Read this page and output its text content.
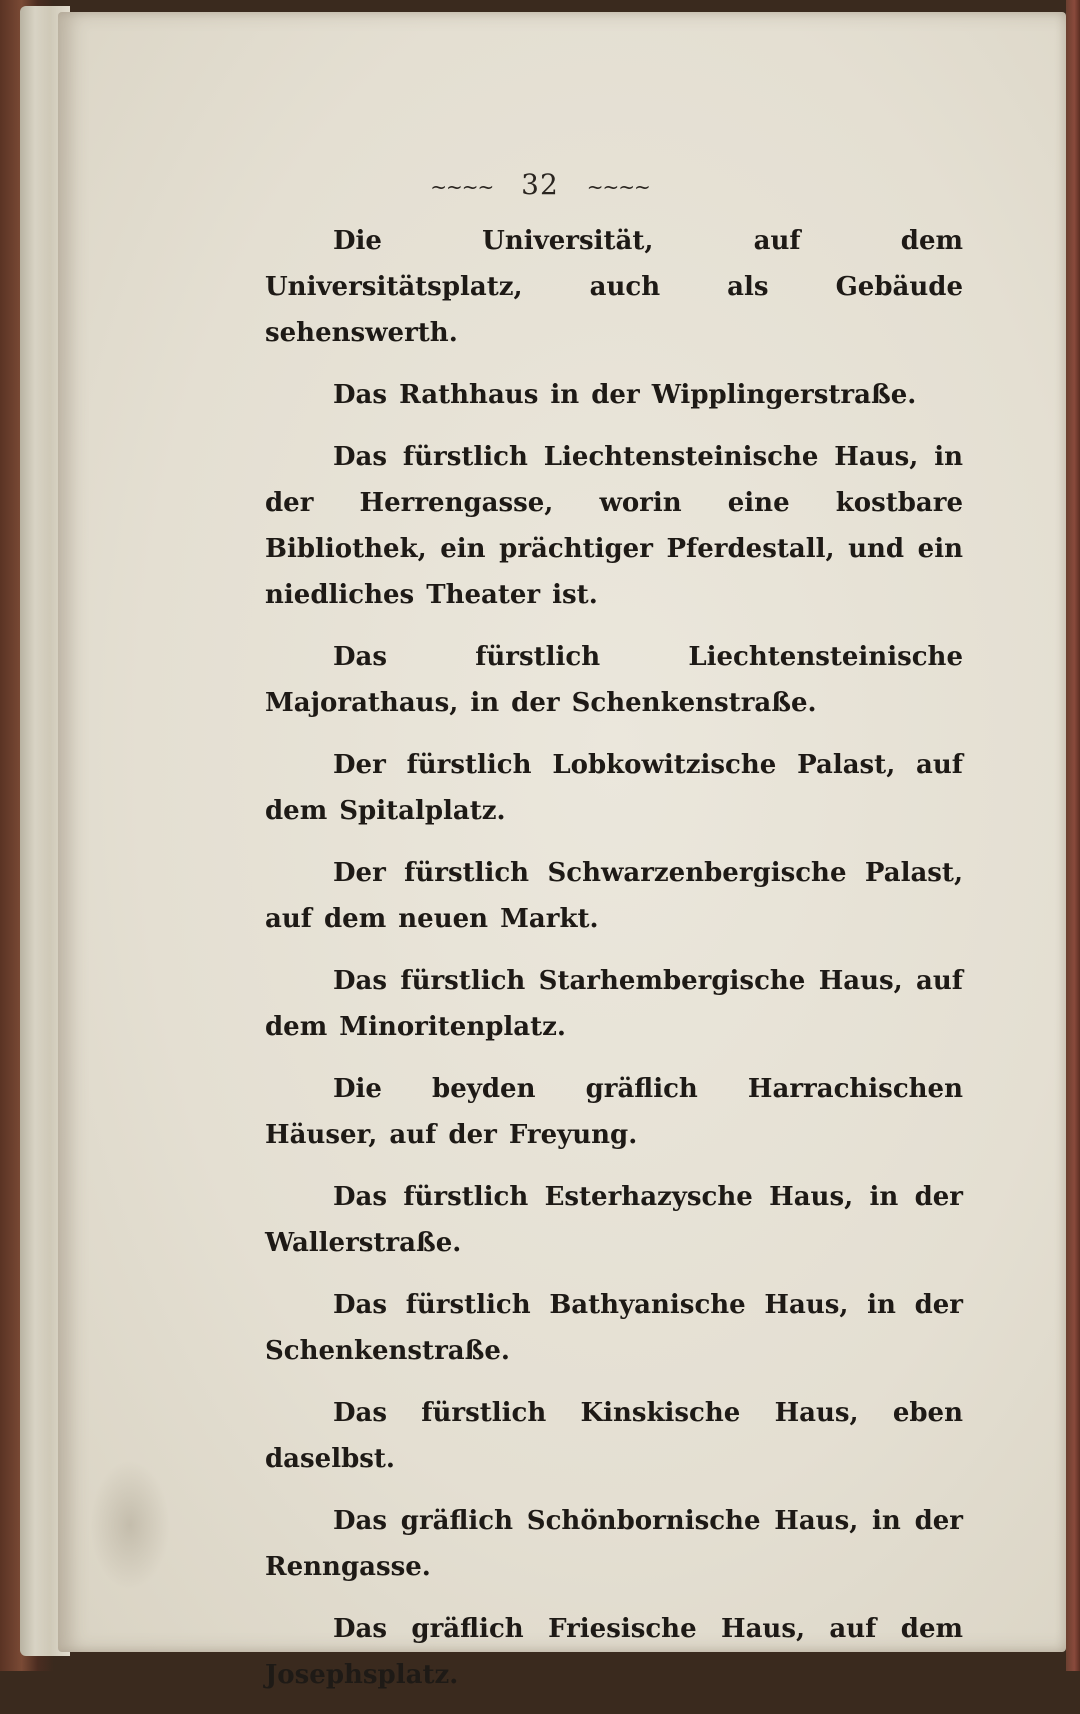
~~~~ 32 ~~~~

Die Universität, auf dem Universitätsplatz, auch als Gebäude sehenswerth.

Das Rathhaus in der Wipplingerstraße.

Das fürstlich Liechtensteinische Haus, in der Herrengasse, worin eine kostbare Bibliothek, ein prächtiger Pferdestall, und ein niedliches Theater ist.

Das fürstlich Liechtensteinische Majorathaus, in der Schenkenstraße.

Der fürstlich Lobkowitzische Palast, auf dem Spitalplatz.

Der fürstlich Schwarzenbergische Palast, auf dem neuen Markt.

Das fürstlich Starhembergische Haus, auf dem Minoritenplatz.

Die beyden gräflich Harrachischen Häuser, auf der Freyung.

Das fürstlich Esterhazysche Haus, in der Wallerstraße.

Das fürstlich Bathyanische Haus, in der Schenkenstraße.

Das fürstlich Kinskische Haus, eben daselbst.

Das gräflich Schönbornische Haus, in der Renngasse.

Das gräflich Friesische Haus, auf dem Josephsplatz.
